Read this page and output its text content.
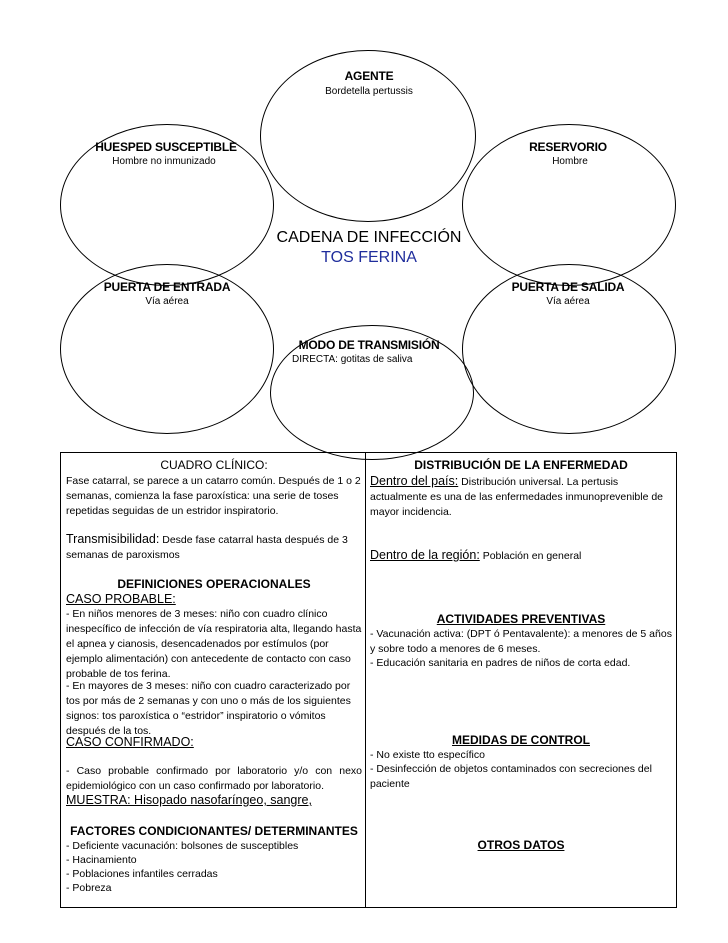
AGENTE
Bordetella pertussis
HUESPED SUSCEPTIBLE
Hombre no inmunizado
RESERVORIO
Hombre
PUERTA DE ENTRADA
Vía aérea
PUERTA DE SALIDA
Vía aérea
MODO DE TRANSMISIÓN
DIRECTA: gotitas de saliva
CADENA DE INFECCIÓN
TOS FERINA
CUADRO CLÍNICO:
Fase catarral, se parece a un catarro común. Después de 1 o 2 semanas, comienza la fase paroxística: una serie de toses repetidas seguidas de un estridor inspiratorio.
Transmisibilidad: Desde fase catarral hasta después de 3 semanas de paroxismos
DEFINICIONES OPERACIONALES
CASO PROBABLE:
- En niños menores de 3 meses: niño con cuadro clínico inespecífico de infección de vía respiratoria alta, llegando hasta el apnea y cianosis, desencadenados por estímulos (por ejemplo alimentación) con antecedente de contacto con caso probable de tos ferina.
- En mayores de 3 meses: niño con cuadro caracterizado por tos por más de 2 semanas y con uno o más de los siguientes signos: tos paroxística o “estridor” inspiratorio o vómitos después de la tos.
CASO CONFIRMADO:
- Caso probable confirmado por laboratorio y/o con nexo epidemiológico con un caso confirmado por laboratorio.
MUESTRA: Hisopado nasofaríngeo, sangre,
FACTORES CONDICIONANTES/ DETERMINANTES
- Deficiente vacunación: bolsones de susceptibles
- Hacinamiento
- Poblaciones infantiles cerradas
- Pobreza
DISTRIBUCIÓN DE LA ENFERMEDAD
Dentro del país: Distribución universal. La pertusis actualmente es una de las enfermedades inmunoprevenible de mayor incidencia.
Dentro de la región: Población en general
ACTIVIDADES PREVENTIVAS
- Vacunación activa: (DPT ó Pentavalente): a menores de 5 años y sobre todo a menores de 6 meses.
- Educación sanitaria en padres de niños de corta edad.
MEDIDAS DE CONTROL
- No existe tto específico
- Desinfección de objetos contaminados con secreciones del paciente
OTROS DATOS
